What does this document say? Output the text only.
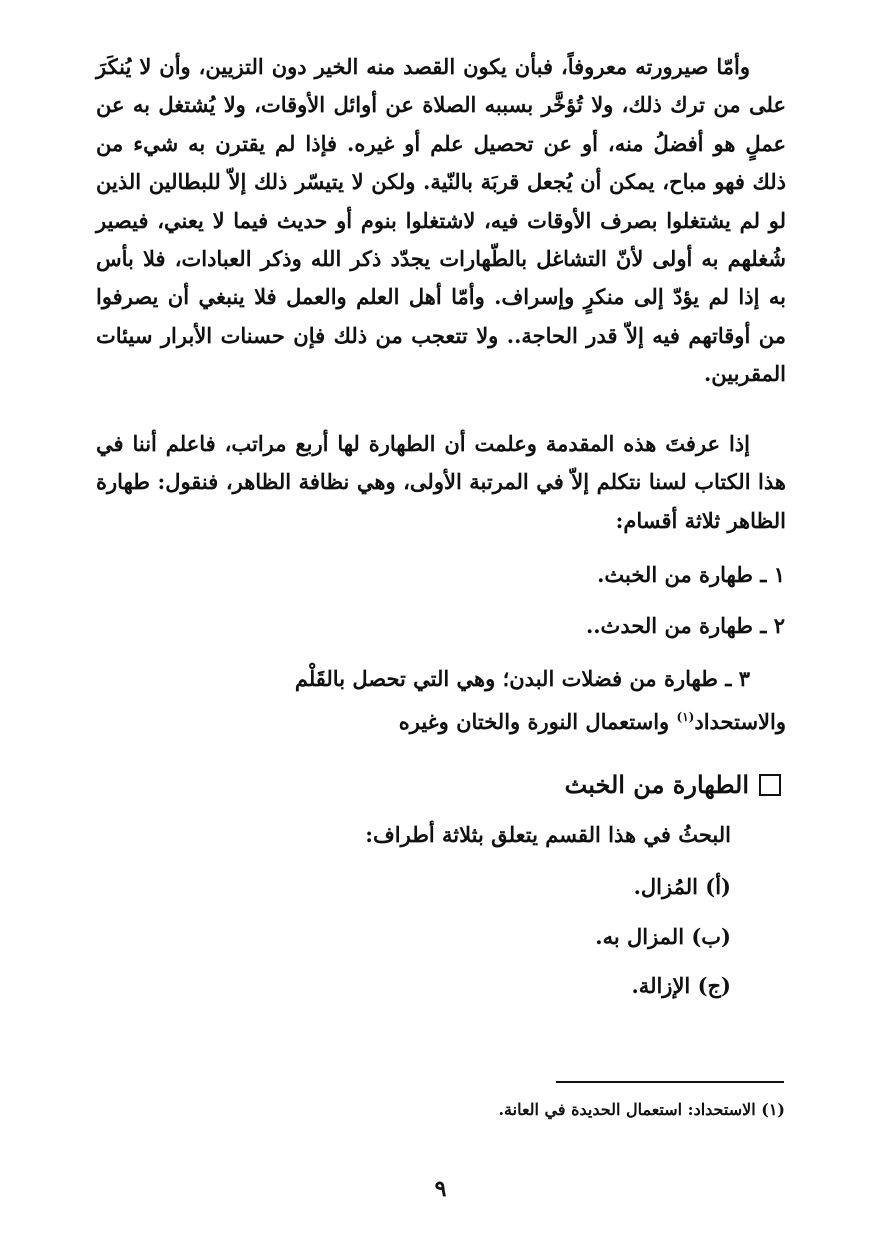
وأمّا صيرورته معروفاً، فبأن يكون القصد منه الخير دون التزيين، وأن لا يُنكَرَ على من ترك ذلك، ولا تُؤخَّر بسببه الصلاة عن أوائل الأوقات، ولا يُشتغل به عن عملٍ هو أفضلُ منه، أو عن تحصيل علم أو غيره. فإذا لم يقترن به شيء من ذلك فهو مباح، يمكن أن يُجعل قربَة بالنّية. ولكن لا يتيسّر ذلك إلاّ للبطالين الذين لو لم يشتغلوا بصرف الأوقات فيه، لاشتغلوا بنوم أو حديث فيما لا يعني، فيصير شُغلهم به أولى لأنّ التشاغل بالطّهارات يجدّد ذكر الله وذكر العبادات، فلا بأس به إذا لم يؤدّ إلى منكرٍ وإسراف. وأمّا أهل العلم والعمل فلا ينبغي أن يصرفوا من أوقاتهم فيه إلاّ قدر الحاجة.. ولا تتعجب من ذلك فإن حسنات الأبرار سيئات المقربين.

إذا عرفتَ هذه المقدمة وعلمت أن الطهارة لها أربع مراتب، فاعلم أننا في هذا الكتاب لسنا نتكلم إلاّ في المرتبة الأولى، وهي نظافة الظاهر، فنقول: طهارة الظاهر ثلاثة أقسام:

١ ـ طهارة من الخبث.
٢ ـ طهارة من الحدث..
٣ ـ طهارة من فضلات البدن؛ وهي التي تحصل بالقَلْم
والاستحداد$^{(١)}$ واستعمال النورة والختان وغيره
الطهارة من الخبث
البحثُ في هذا القسم يتعلق بثلاثة أطراف:
(أ) المُزال.
(ب) المزال به.
(ج) الإزالة.
(١) الاستحداد: استعمال الحديدة في العانة.
٩
